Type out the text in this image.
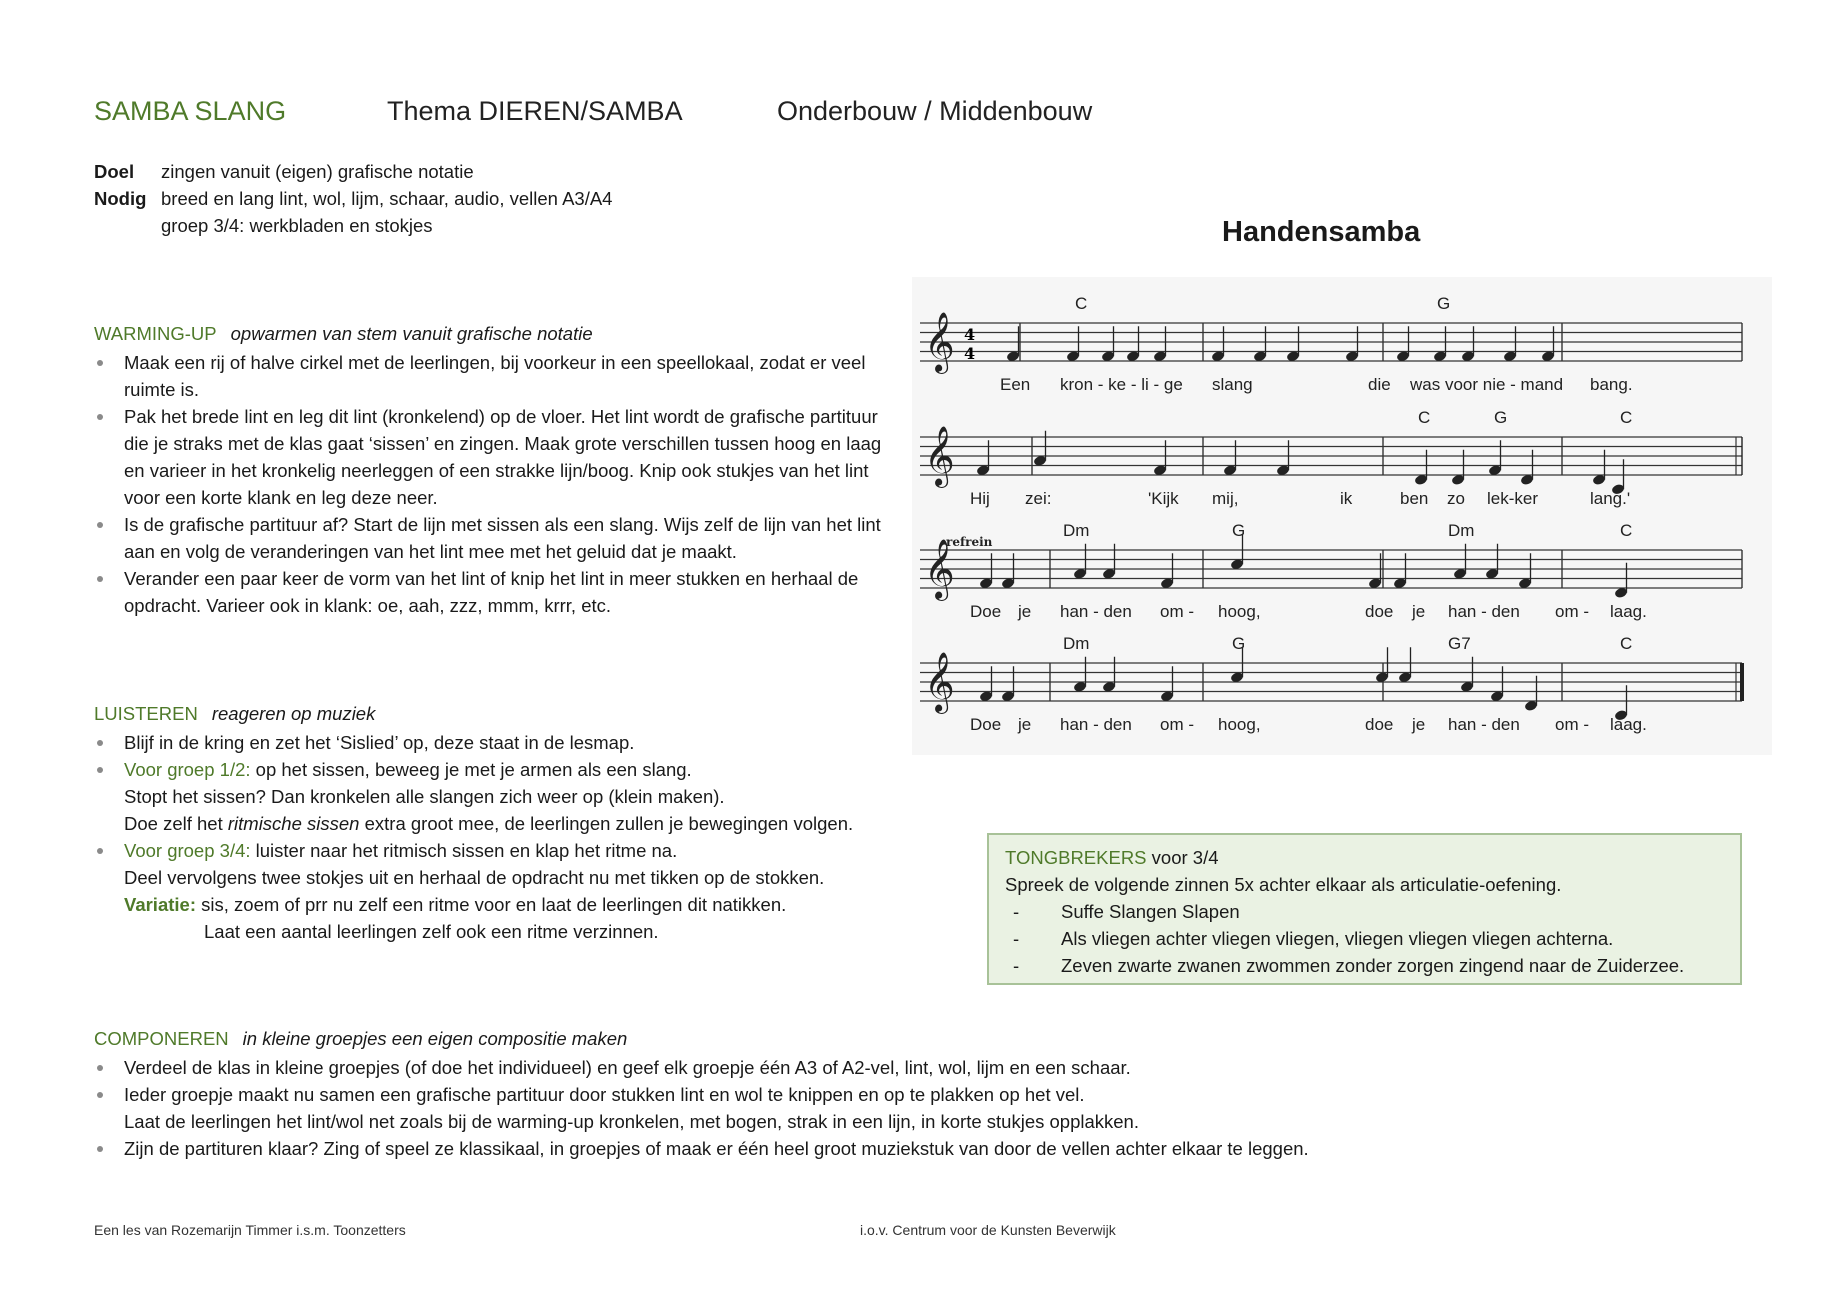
SAMBA SLANG	Thema DIEREN/SAMBA	Onderbouw / Middenbouw
Doel zingen vanuit (eigen) grafische notatie
Nodig breed en lang lint, wol, lijm, schaar, audio, vellen A3/A4
groep 3/4: werkbladen en stokjes
WARMING-UP opwarmen van stem vanuit grafische notatie
Maak een rij of halve cirkel met de leerlingen, bij voorkeur in een speellokaal, zodat er veel ruimte is.
Pak het brede lint en leg dit lint (kronkelend) op de vloer. Het lint wordt de grafische partituur die je straks met de klas gaat ‘sissen’ en zingen. Maak grote verschillen tussen hoog en laag en varieer in het kronkelig neerleggen of een strakke lijn/boog. Knip ook stukjes van het lint voor een korte klank en leg deze neer.
Is de grafische partituur af? Start de lijn met sissen als een slang. Wijs zelf de lijn van het lint aan en volg de veranderingen van het lint mee met het geluid dat je maakt.
Verander een paar keer de vorm van het lint of knip het lint in meer stukken en herhaal de opdracht. Varieer ook in klank: oe, aah, zzz, mmm, krrr, etc.
LUISTEREN reageren op muziek
Blijf in de kring en zet het ‘Sislied’ op, deze staat in de lesmap.
Voor groep 1/2: op het sissen, beweeg je met je armen als een slang.
Stopt het sissen? Dan kronkelen alle slangen zich weer op (klein maken).
Doe zelf het ritmische sissen extra groot mee, de leerlingen zullen je bewegingen volgen.
Voor groep 3/4: luister naar het ritmisch sissen en klap het ritme na.
Deel vervolgens twee stokjes uit en herhaal de opdracht nu met tikken op de stokken.
Variatie: sis, zoem of prr nu zelf een ritme voor en laat de leerlingen dit natikken.
Laat een aantal leerlingen zelf ook een ritme verzinnen.
COMPONEREN in kleine groepjes een eigen compositie maken
Verdeel de klas in kleine groepjes (of doe het individueel) en geef elk groepje één A3 of A2-vel, lint, wol, lijm en een schaar.
Ieder groepje maakt nu samen een grafische partituur door stukken lint en wol te knippen en op te plakken op het vel.
Laat de leerlingen het lint/wol net zoals bij de warming-up kronkelen, met bogen, strak in een lijn, in korte stukjes opplakken.
Zijn de partituren klaar? Zing of speel ze klassikaal, in groepjes of maak er één heel groot muziekstuk van door de vellen achter elkaar te leggen.
TONGBREKERS voor 3/4
Spreek de volgende zinnen 5x achter elkaar als articulatie-oefening.
-	Suffe Slangen Slapen
-	Als vliegen achter vliegen vliegen, vliegen vliegen vliegen achterna.
-	Zeven zwarte zwanen zwommen zonder zorgen zingend naar de Zuiderzee.
Handensamba
𝄞 4
4
C	G
Een kron - ke - li - ge slang	die was voor nie - mand bang.
𝄞
C	G	C
Hij zei:	'Kijk mij,	ik	ben zo lek-ker	lang.'
𝄞
Dm	G	Dm	C
Doe je han - den om - hoog,	doe je han - den om - laag.
𝄞
Dm	G	G7	C
Doe je han - den om - hoog,	doe je han - den om - laag.
refrein
Een les van Rozemarijn Timmer i.s.m. Toonzetters	i.o.v. Centrum voor de Kunsten Beverwijk
